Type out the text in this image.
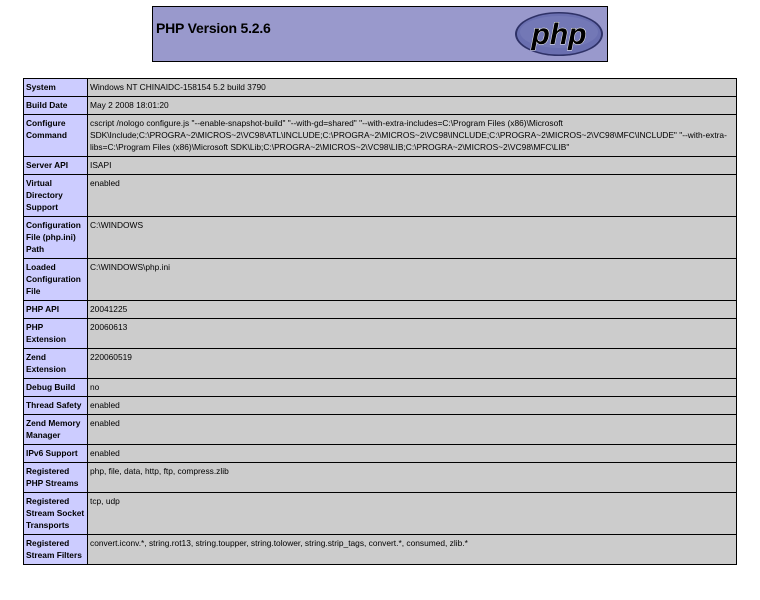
PHP Version 5.2.6	php
System	Windows NT CHINAIDC-158154 5.2 build 3790
Build Date	May 2 2008 18:01:20
Configure Command	cscript /nologo configure.js "--enable-snapshot-build" "--with-gd=shared" "--with-extra-includes=C:\Program Files (x86)\Microsoft SDK\Include;C:\PROGRA~2\MICROS~2\VC98\ATL\INCLUDE;C:\PROGRA~2\MICROS~2\VC98\INCLUDE;C:\PROGRA~2\MICROS~2\VC98\MFC\INCLUDE" "--with-extra-libs=C:\Program Files (x86)\Microsoft SDK\Lib;C:\PROGRA~2\MICROS~2\VC98\LIB;C:\PROGRA~2\MICROS~2\VC98\MFC\LIB"
Server API	ISAPI
Virtual Directory Support	enabled
Configuration File (php.ini) Path	C:\WINDOWS
Loaded Configuration File	C:\WINDOWS\php.ini
PHP API	20041225
PHP Extension	20060613
Zend Extension	220060519
Debug Build	no
Thread Safety	enabled
Zend Memory Manager	enabled
IPv6 Support	enabled
Registered PHP Streams	php, file, data, http, ftp, compress.zlib
Registered Stream Socket Transports	tcp, udp
Registered Stream Filters	convert.iconv.*, string.rot13, string.toupper, string.tolower, string.strip_tags, convert.*, consumed, zlib.*
